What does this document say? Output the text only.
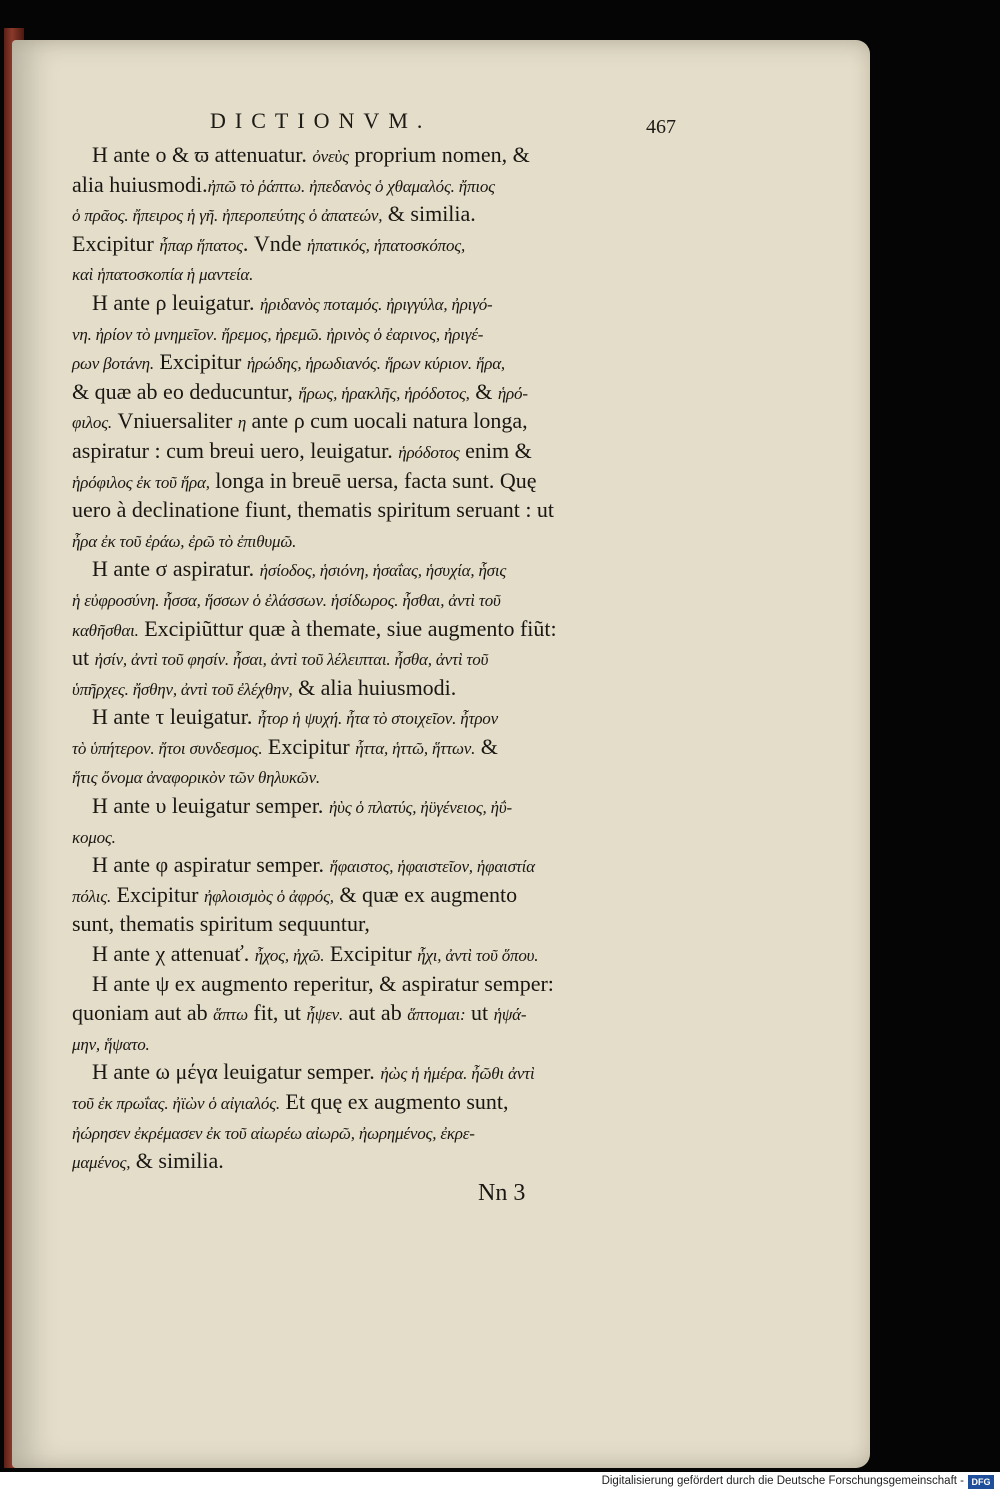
DICTIONVM.	467
H ante ο & ϖ attenuatur. ὀνεὺς proprium nomen, &
alia huiusmodi.ἠπῶ τὸ ῥάπτω. ἠπεδανὸς ὁ χθαμαλός. ἤπιος
ὁ πρᾶος. ἤπειρος ἡ γῆ. ἠπεροπεύτης ὁ ἀπατεών, & similia.
Excipitur ἧπαρ ἥπατος. Vnde ἡπατικός, ἡπατοσκόπος,
καὶ ἡπατοσκοπία ἡ μαντεία.
H ante ρ leuigatur. ἠριδανὸς ποταμός. ἠριγγύλα, ἠριγό-
νη. ἠρίον τὸ μνημεῖον. ἤρεμος, ἠρεμῶ. ἠρινὸς ὁ ἐαρινος, ἠριγέ-
ρων βοτάνη. Excipitur ἡρώδης, ἡρωδιανός. ἥρων κύριον. ἥρα,
& quæ ab eo deducuntur, ἥρως, ἡρακλῆς, ἡρόδοτος, & ἡρό-
φιλος. Vniuersaliter η ante ρ cum uocali natura longa,
aspiratur : cum breui uero, leuigatur. ἡρόδοτος enim &
ἡρόφιλος ἐκ τοῦ ἥρα, longa in breuē uersa, facta sunt. Quę
uero à declinatione fiunt, thematis spiritum seruant : ut
ἦρα ἐκ τοῦ ἐράω, ἐρῶ τὸ ἐπιθυμῶ.
H ante σ aspiratur. ἡσίοδος, ἡσιόνη, ἡσαΐας, ἡσυχία, ἧσις
ἡ εὐφροσύνη. ἧσσα, ἥσσων ὁ ἐλάσσων. ἡσίδωρος. ἧσθαι, ἀντὶ τοῦ
καθῆσθαι. Excipiũttur quæ à themate, siue augmento fiũt:
ut ἠσίν, ἀντὶ τοῦ φησίν. ἦσαι, ἀντὶ τοῦ λέλειπται. ἦσθα, ἀντὶ τοῦ
ὑπῆρχες. ἤσθην, ἀντὶ τοῦ ἐλέχθην, & alia huiusmodi.
H ante τ leuigatur. ἦτορ ἡ ψυχή. ἦτα τὸ στοιχεῖον. ἦτρον
τὸ ὑπήτερον. ἤτοι συνδεσμος. Excipitur ἧττα, ἡττῶ, ἥττων. &
ἥτις ὄνομα ἀναφορικὸν τῶν θηλυκῶν.
H ante υ leuigatur semper. ἠὺς ὁ πλατύς, ἠϋγένειος, ἠΰ-
κομος.
H ante φ aspiratur semper. ἥφαιστος, ἡφαιστεῖον, ἡφαιστία
πόλις. Excipitur ἠφλοισμὸς ὁ ἀφρός, & quæ ex augmento
sunt, thematis spiritum sequuntur,
H ante χ attenuať. ἦχος, ἠχῶ. Excipitur ἧχι, ἀντὶ τοῦ ὅπου.
H ante ψ ex augmento reperitur, & aspiratur semper:
quoniam aut ab ἅπτω fit, ut ἧψεν. aut ab ἅπτομαι: ut ἡψά-
μην, ἥψατο.
H ante ω μέγα leuigatur semper. ἠὼς ἡ ἡμέρα. ἦῶθι ἀντὶ
τοῦ ἐκ πρωΐας. ἠϊὼν ὁ αἰγιαλός. Et quę ex augmento sunt,
ἠώρησεν ἐκρέμασεν ἐκ τοῦ αἰωρέω αἰωρῶ, ἠωρημένος, ἐκρε-
μαμένος, & similia.
Nn 3
Digitalisierung gefördert durch die Deutsche Forschungsgemeinschaft - DFG
